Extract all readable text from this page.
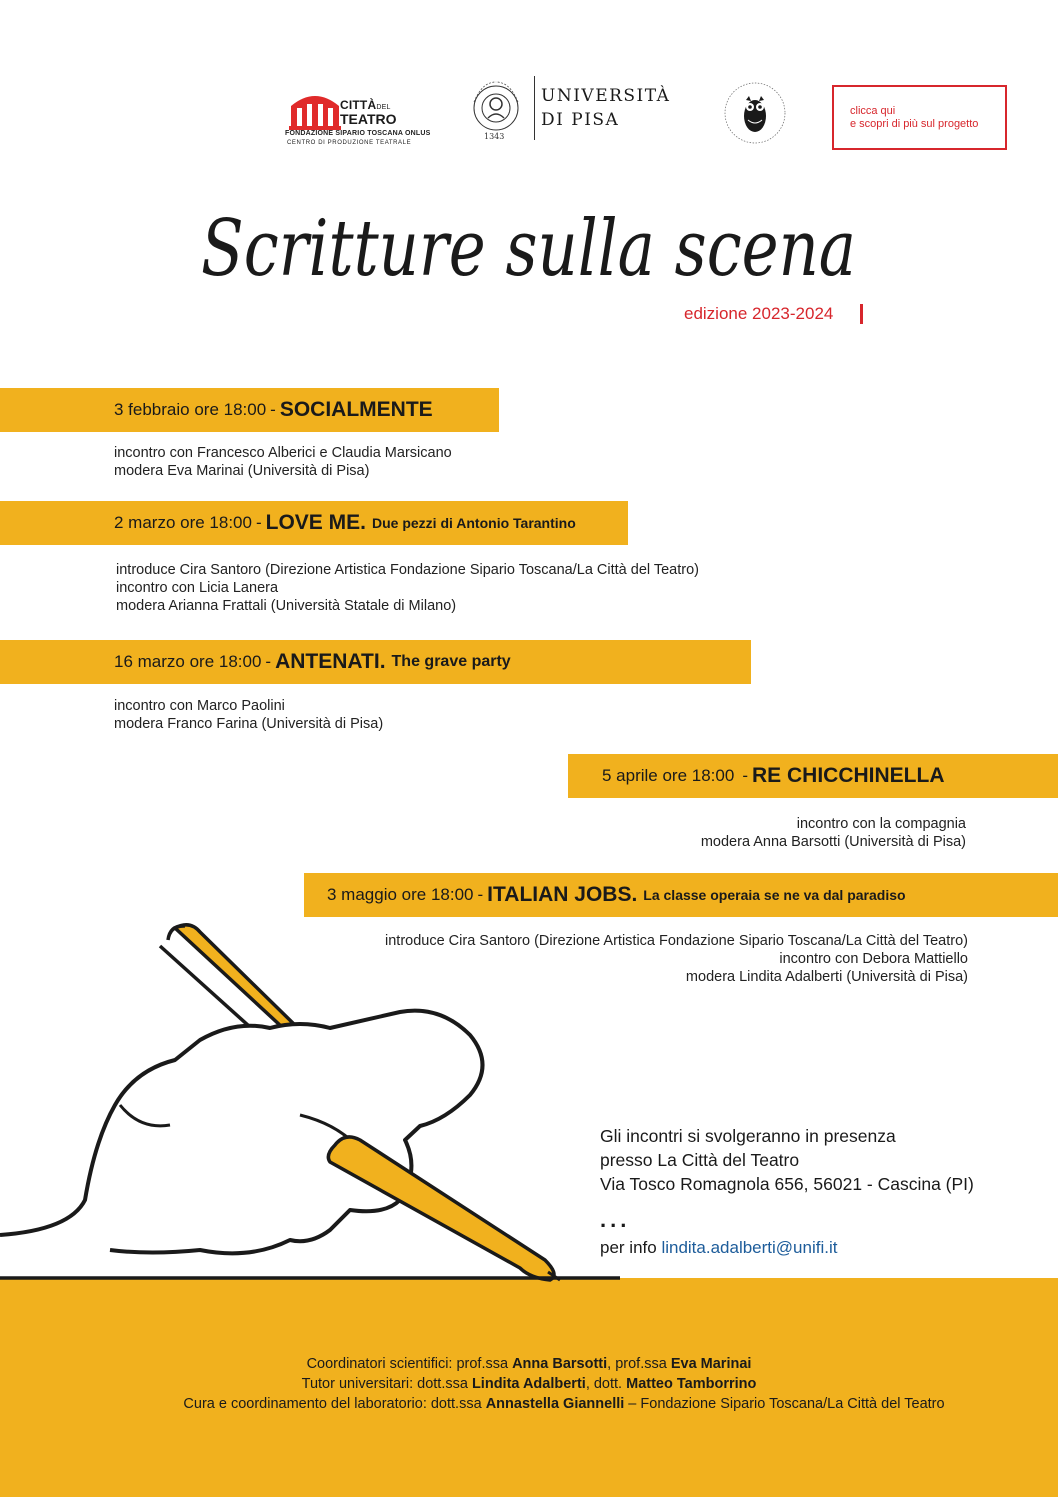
CITTÀDEL
TEATRO
FONDAZIONE SIPARIO TOSCANA ONLUS
CENTRO DI PRODUZIONE TEATRALE
1343
UNIVERSITÀ
DI PISA	clicca qui
e scopri di più sul progetto
Scritture sulla scena
edizione 2023-2024
3 febbraio ore 18:00 - SOCIALMENTE
incontro con Francesco Alberici e Claudia Marsicano
modera Eva Marinai (Università di Pisa)
2 marzo ore 18:00 - LOVE ME. Due pezzi di Antonio Tarantino
introduce Cira Santoro (Direzione Artistica Fondazione Sipario Toscana/La Città del Teatro)
incontro con Licia Lanera
modera Arianna Frattali (Università Statale di Milano)
16 marzo ore 18:00 - ANTENATI. The grave party
incontro con Marco Paolini
modera Franco Farina (Università di Pisa)
5 aprile ore 18:00 - RE CHICCHINELLA
incontro con la compagnia
modera Anna Barsotti (Università di Pisa)
3 maggio ore 18:00 - ITALIAN JOBS. La classe operaia se ne va dal paradiso
introduce Cira Santoro (Direzione Artistica Fondazione Sipario Toscana/La Città del Teatro)
incontro con Debora Mattiello
modera Lindita Adalberti (Università di Pisa)
Gli incontri si svolgeranno in presenza
presso La Città del Teatro
Via Tosco Romagnola 656, 56021 - Cascina (PI)
...
per info lindita.adalberti@unifi.it
Coordinatori scientifici: prof.ssa Anna Barsotti, prof.ssa Eva Marinai
Tutor universitari: dott.ssa Lindita Adalberti, dott. Matteo Tamborrino
Cura e coordinamento del laboratorio: dott.ssa Annastella Giannelli – Fondazione Sipario Toscana/La Città del Teatro
